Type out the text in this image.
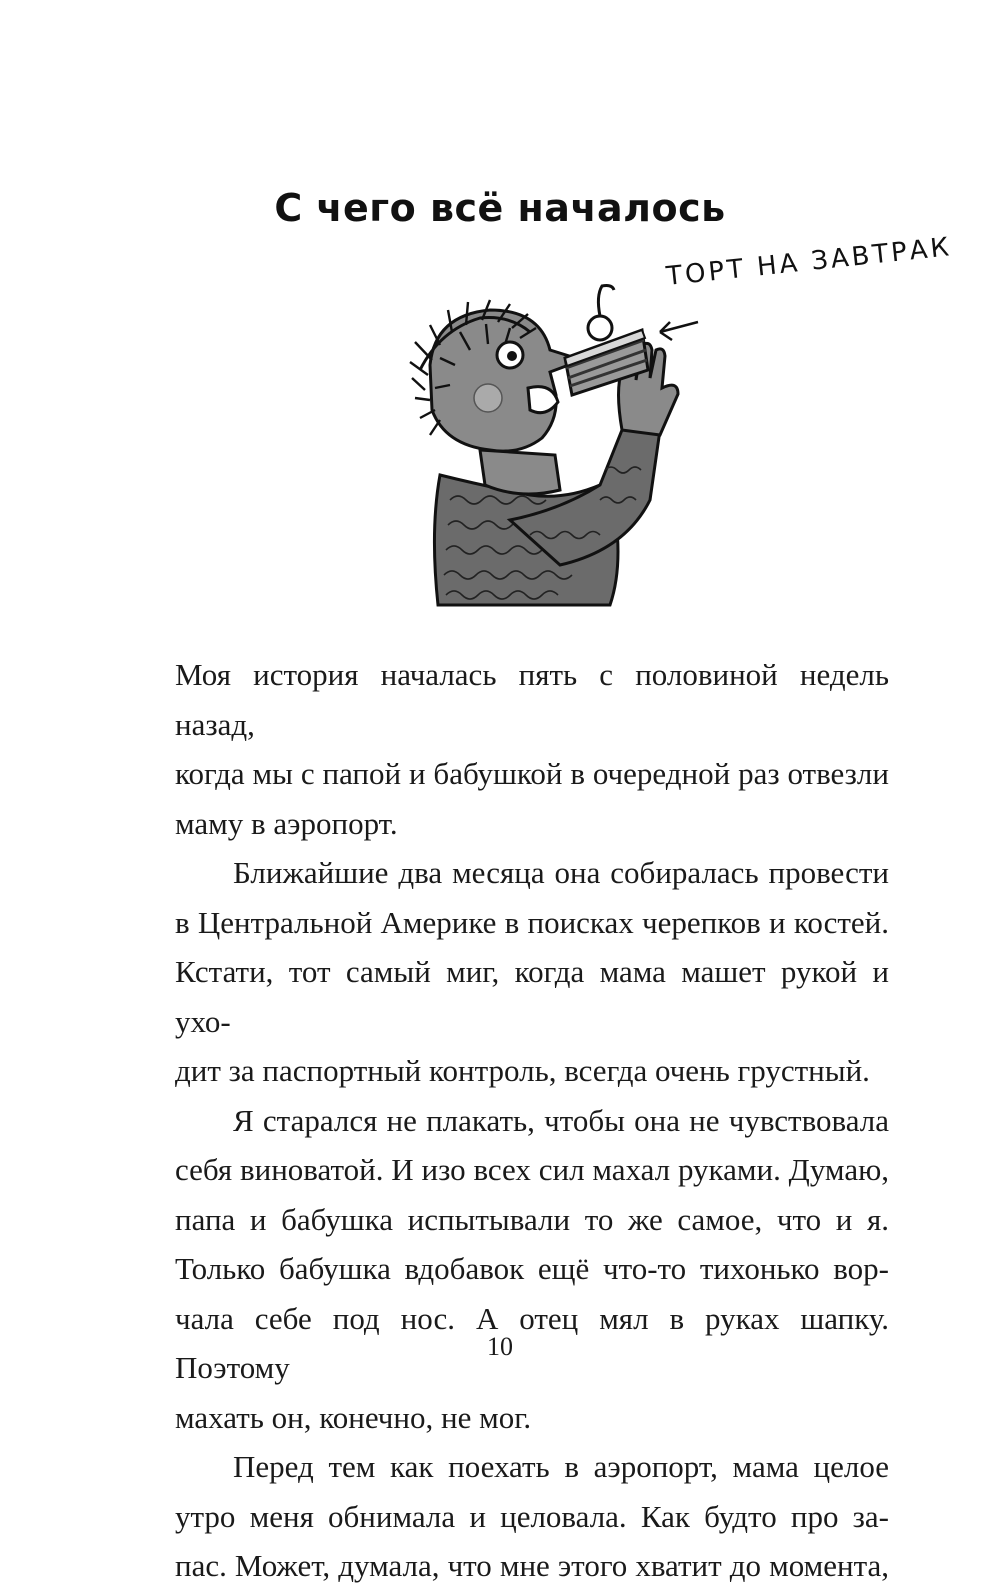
С чего всё началось
ТОРТ НА ЗАВТРАК

Моя история началась пять с половиной недель назад,
когда мы с папой и бабушкой в очередной раз отвезли
маму в аэропорт.

Ближайшие два месяца она собиралась провести
в Центральной Америке в поисках черепков и костей.
Кстати, тот самый миг, когда мама машет рукой и ухо-
дит за паспортный контроль, всегда очень грустный.

Я старался не плакать, чтобы она не чувствовала
себя виноватой. И изо всех сил махал руками. Думаю,
папа и бабушка испытывали то же самое, что и я.
Только бабушка вдобавок ещё что-то тихонько вор-
чала себе под нос. А отец мял в руках шапку. Поэтому
махать он, конечно, не мог.

Перед тем как поехать в аэропорт, мама целое
утро меня обнимала и целовала. Как будто про за-
пас. Может, думала, что мне этого хватит до момента,

10
